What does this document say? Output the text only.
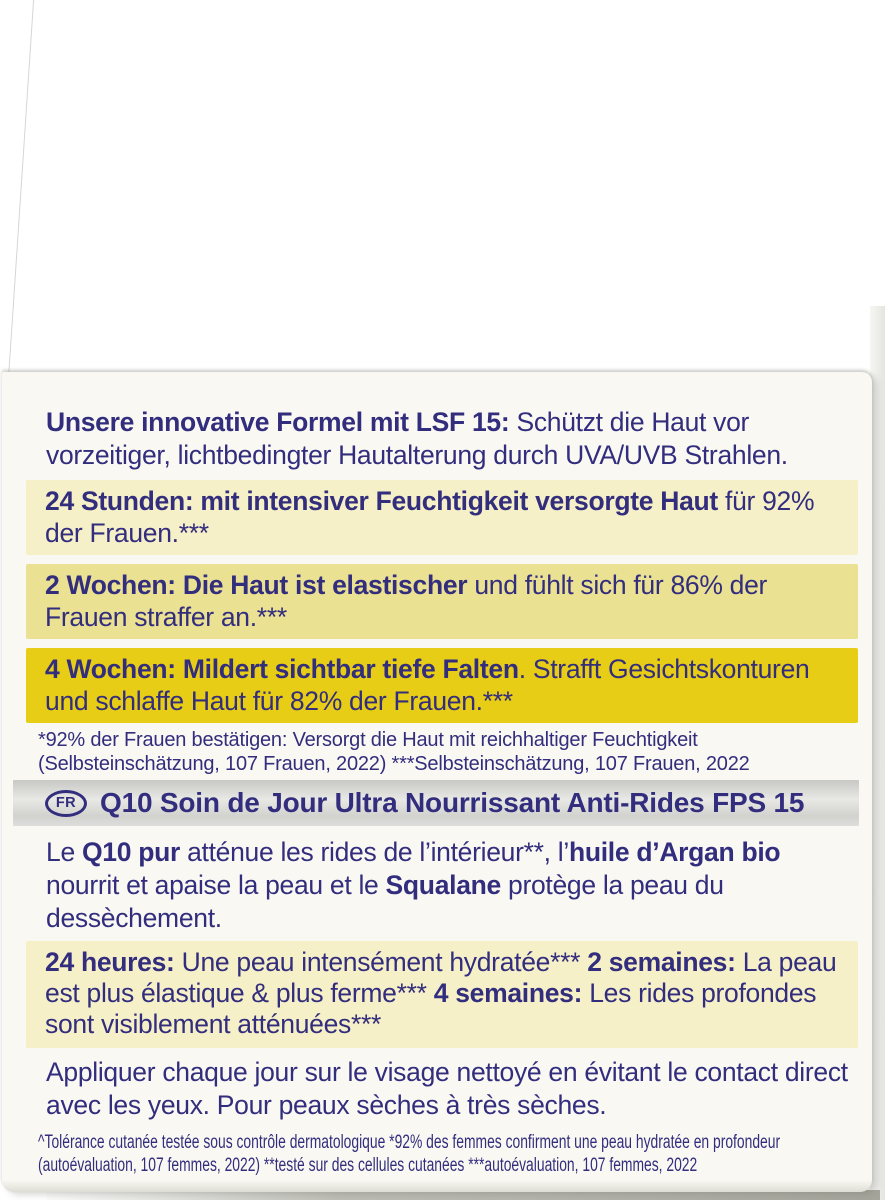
Unsere innovative Formel mit LSF 15: Schützt die Haut vor vorzeitiger, lichtbedingter Hautalterung durch UVA/UVB Strahlen.

24 Stunden: mit intensiver Feuchtigkeit versorgte Haut für 92% der Frauen.***
2 Wochen: Die Haut ist elastischer und fühlt sich für 86% der Frauen straffer an.***
4 Wochen: Mildert sichtbar tiefe Falten. Strafft Gesichtskonturen und schlaffe Haut für 82% der Frauen.***

*92% der Frauen bestätigen: Versorgt die Haut mit reichhaltiger Feuchtigkeit (Selbsteinschätzung, 107 Frauen, 2022) ***Selbsteinschätzung, 107 Frauen, 2022

FR Q10 Soin de Jour Ultra Nourrissant Anti-Rides FPS 15

Le Q10 pur atténue les rides de l’intérieur**, l’huile d’Argan bio nourrit et apaise la peau et le Squalane protège la peau du dessèchement.

24 heures: Une peau intensément hydratée*** 2 semaines: La peau est plus élastique & plus ferme*** 4 semaines: Les rides profondes sont visiblement atténuées***

Appliquer chaque jour sur le visage nettoyé en évitant le contact direct avec les yeux. Pour peaux sèches à très sèches.

^Tolérance cutanée testée sous contrôle dermatologique *92% des femmes confirment une peau hydratée en profondeur (autoévaluation, 107 femmes, 2022) **testé sur des cellules cutanées ***autoévaluation, 107 femmes, 2022
